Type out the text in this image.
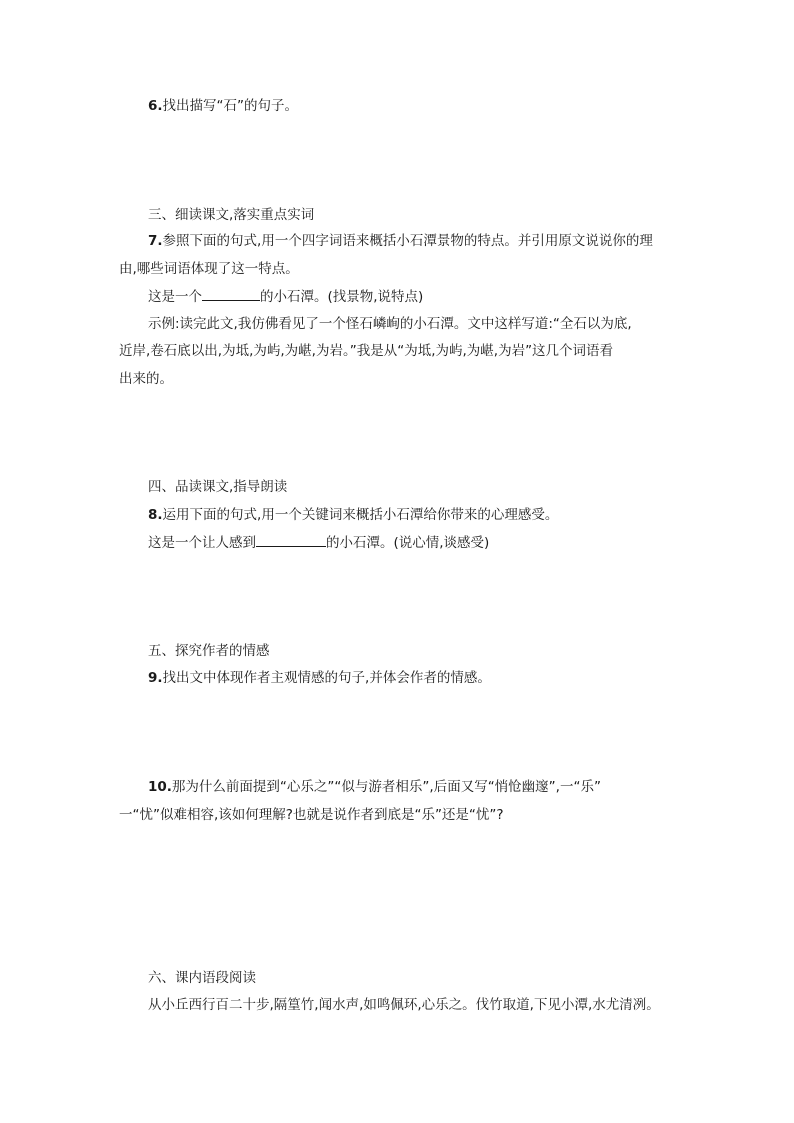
6.找出描写“石”的句子。
三、细读课文,落实重点实词
7.参照下面的句式,用一个四字词语来概括小石潭景物的特点。并引用原文说说你的理
由,哪些词语体现了这一特点。
这是一个	的小石潭。(找景物,说特点)
示例:读完此文,我仿佛看见了一个怪石嶙峋的小石潭。文中这样写道:“全石以为底,
近岸,卷石底以出,为坻,为屿,为嵁,为岩。”我是从“为坻,为屿,为嵁,为岩”这几个词语看
出来的。
四、品读课文,指导朗读
8.运用下面的句式,用一个关键词来概括小石潭给你带来的心理感受。
这是一个让人感到	的小石潭。(说心情,谈感受)
五、探究作者的情感
9.找出文中体现作者主观情感的句子,并体会作者的情感。
10.那为什么前面提到“心乐之”“似与游者相乐”,后面又写“悄怆幽邃”,一“乐”
一“忧”似难相容,该如何理解?也就是说作者到底是“乐”还是“忧”?
六、课内语段阅读
从小丘西行百二十步,隔篁竹,闻水声,如鸣佩环,心乐之。伐竹取道,下见小潭,水尤清冽。
